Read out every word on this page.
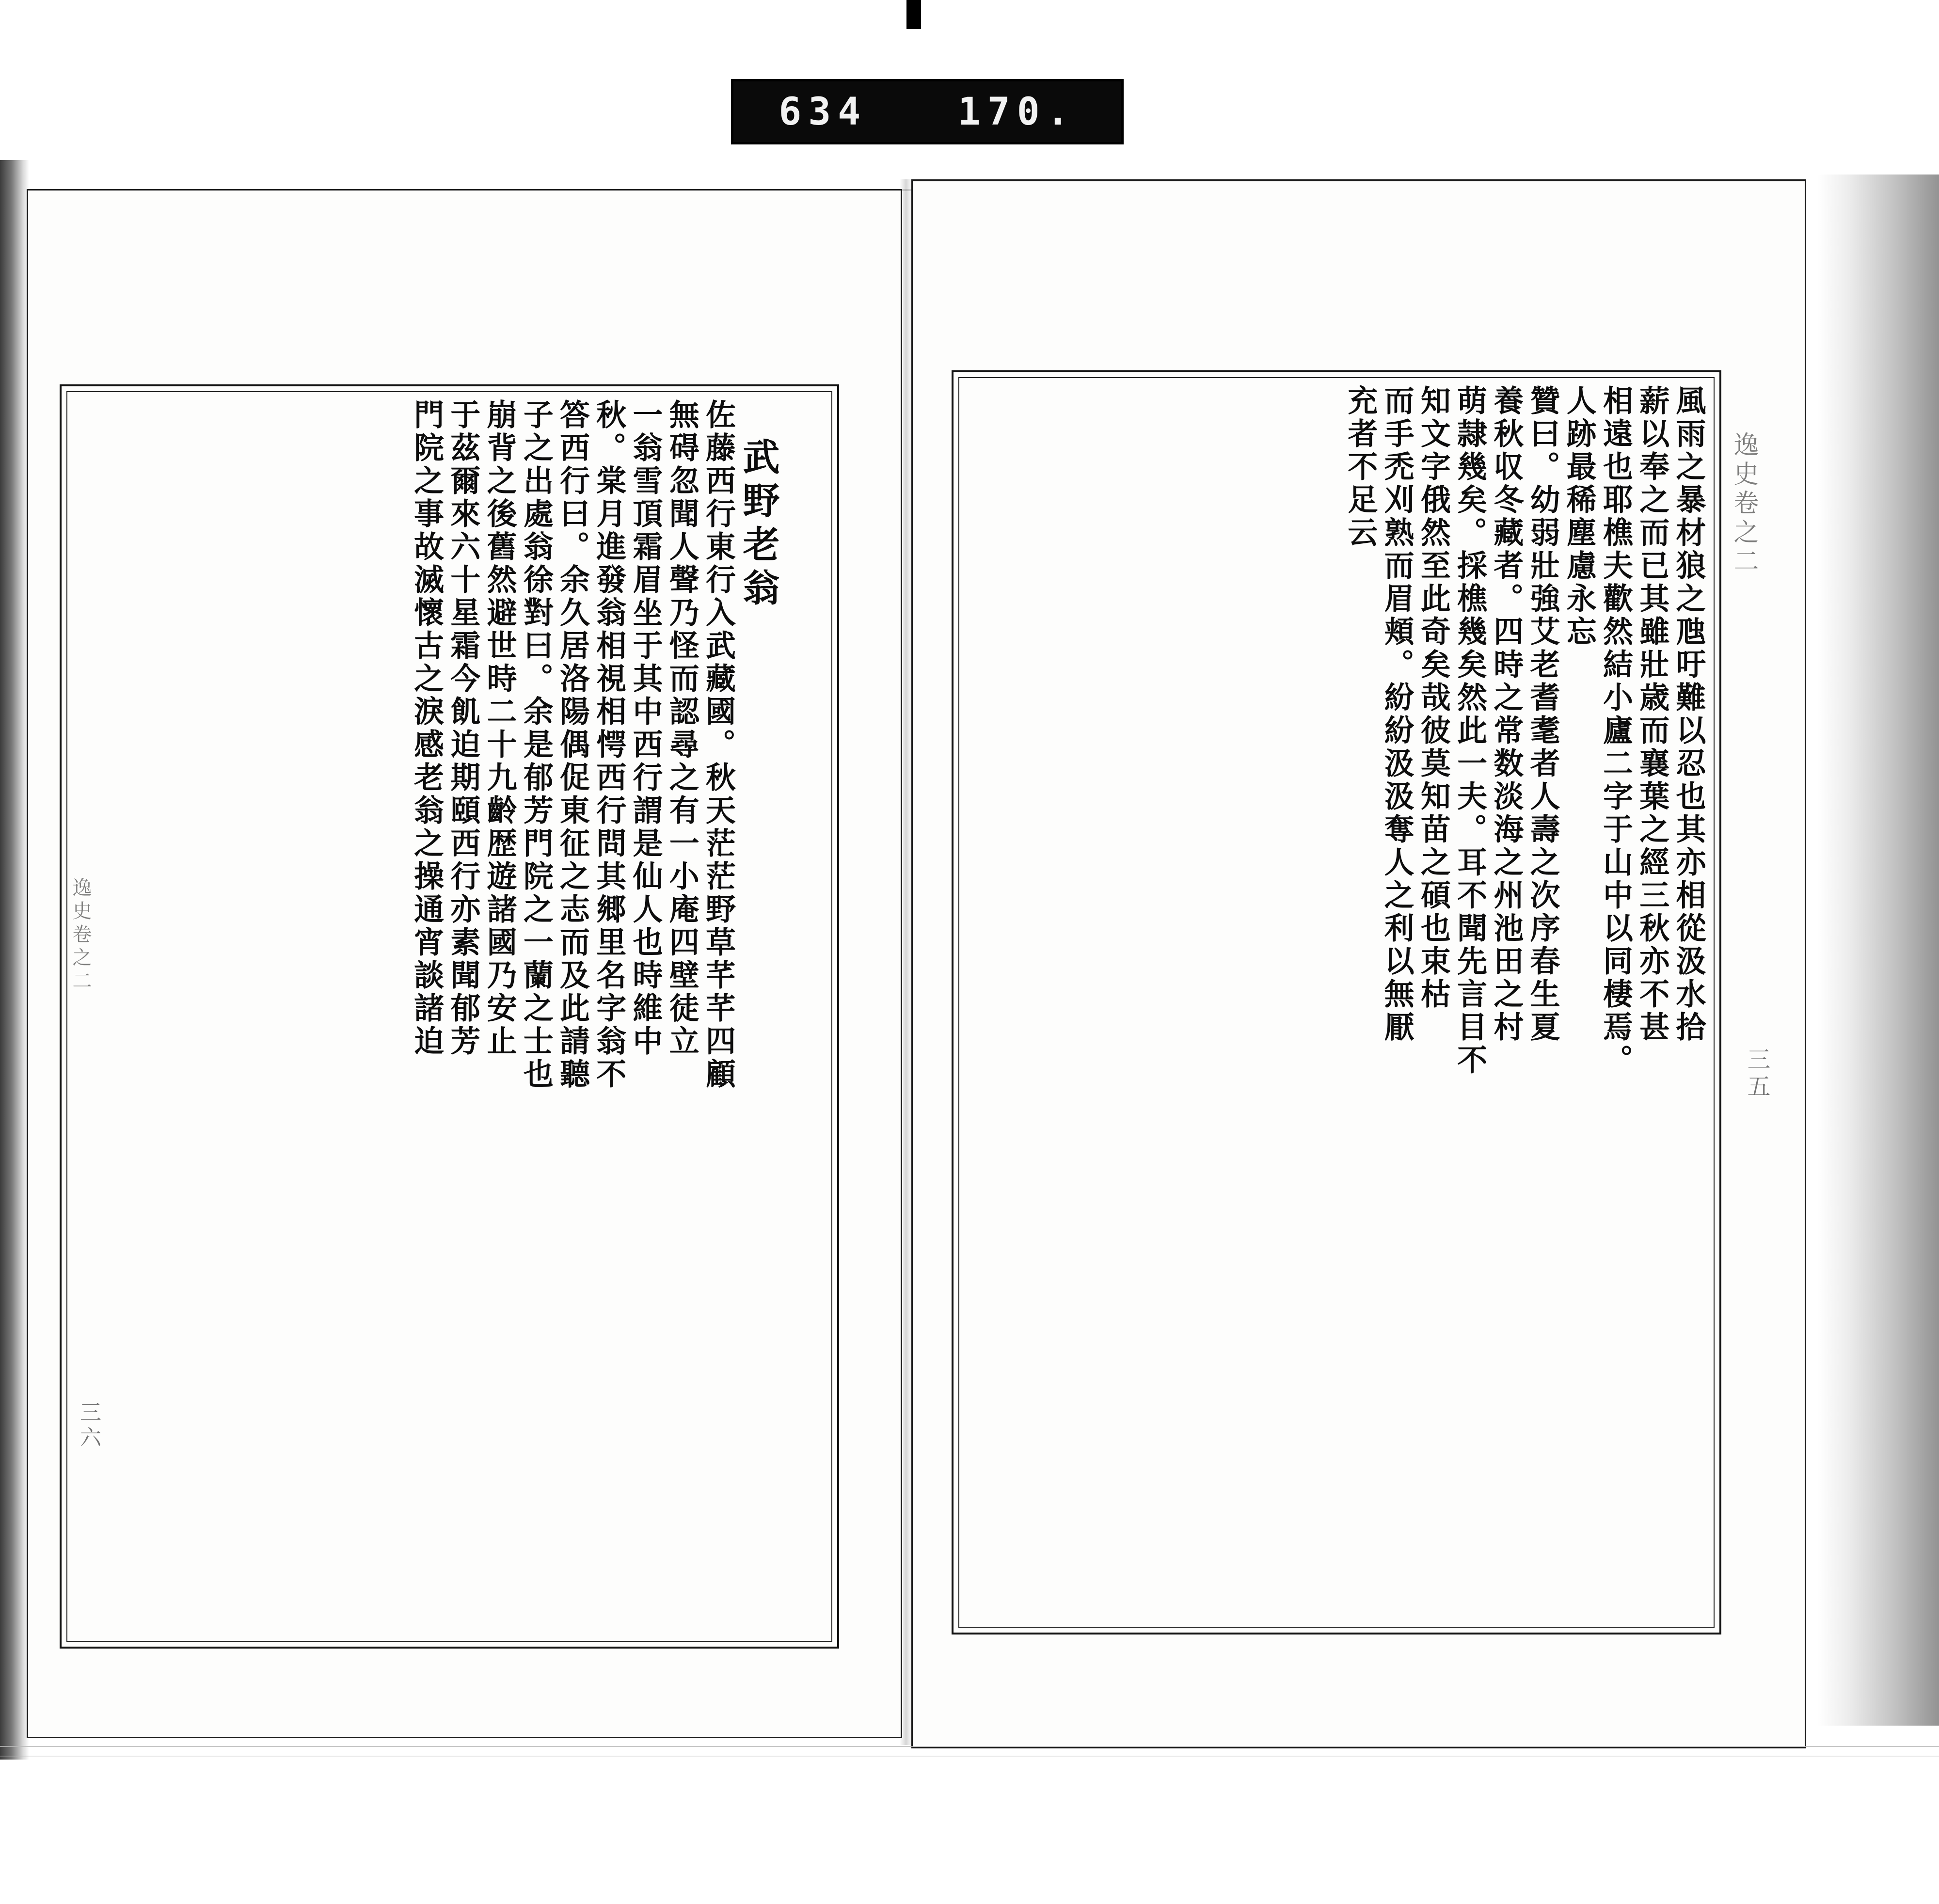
634 170.
風雨之暴材狼之虺吁難以忍也其亦相從汲水拾
薪以奉之而已其雖壯歳而襄葉之經三秋亦不甚
相遠也耶樵夫歡然結小廬二字于山中以同棲焉。
人跡最稀塵慮永忘
贊曰。幼弱壯強艾老耆耄者人壽之次序春生夏
養秋収冬藏者。四時之常数淡海之州池田之村
萌隷幾矣。採樵幾矣然此一夫。耳不聞先言目不
知文字俄然至此奇矣哉彼莫知苗之碩也束枯
而手禿刈熟而眉頬。紛紛汲汲奪人之利以無厭
充者不足云
武野老翁
佐藤西行東行入武藏國。秋天茫茫野草芊芊四顧
無碍忽聞人聲乃怪而認尋之有一小庵四壁徒立
一翁雪頂霜眉坐于其中西行謂是仙人也時維中
秋。棠月進發翁相視相愕西行問其郷里名字翁不
答西行曰。余久居洛陽偶促東征之志而及此請聽
子之出處翁徐對曰。余是郁芳門院之一蘭之士也
崩背之後舊然避世時二十九齡歴遊諸國乃安止
于茲爾來六十星霜今飢迫期頤西行亦素聞郁芳
門院之事故滅懷古之淚感老翁之操通宵談諸迫	逸史卷之二
三五
逸史卷之二
三六
